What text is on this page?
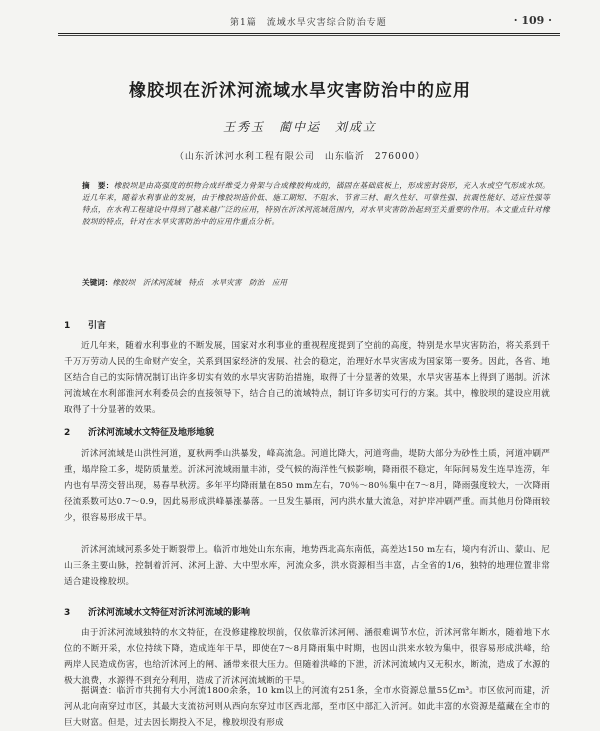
第1篇　流域水旱灾害综合防治专题	· 109 ·
橡胶坝在沂沭河流域水旱灾害防治中的应用
王秀玉　蔺中运　刘成立
（山东沂沭河水利工程有限公司　山东临沂　276000）

摘　要：橡胶坝是由高强度的织物合成纤维受力骨架与合成橡胶构成的，锚固在基础底板上，形成密封袋形，充入水或空气形成水坝。近几年来，随着水利事业的发展，由于橡胶坝造价低、施工期短、不阻水、节省三材、耐久性好、可靠性强、抗震性能好、适应性强等特点，在水利工程建设中得到了越来越广泛的应用，特别在沂沭河流域范围内，对水旱灾害防治起到至关重要的作用。本文重点针对橡胶坝的特点，针对在水旱灾害防治中的应用作重点分析。

关键词：橡胶坝　沂沭河流域　特点　水旱灾害　防治　应用

1 引言

近几年来，随着水利事业的不断发展，国家对水利事业的重视程度提到了空前的高度，特别是水旱灾害防治，将关系到千千万万劳动人民的生命财产安全，关系到国家经济的发展、社会的稳定，治理好水旱灾害成为国家第一要务。因此，各省、地区结合自己的实际情况制订出许多切实有效的水旱灾害防治措施，取得了十分显著的效果，水旱灾害基本上得到了遏制。沂沭河流域在水利部淮河水利委员会的直接领导下，结合自己的流域特点，制订许多切实可行的方案。其中，橡胶坝的建设应用就取得了十分显著的效果。

2 沂沭河流域水文特征及地形地貌

沂沭河流域是山洪性河道，夏秋两季山洪暴发，峰高流急。河道比降大，河道弯曲，堤防大部分为砂性土质，河道冲刷严重，塌岸险工多，堤防质量差。沂沭河流域雨量丰沛，受气候的海洋性气候影响，降雨很不稳定，年际间易发生连旱连涝，年内也有旱涝交替出现，易春旱秋涝。多年平均降雨量在850 mm左右，70％～80％集中在7～8月，降雨强度较大，一次降雨径流系数可达0.7～0.9，因此易形成洪峰暴涨暴落。一旦发生暴雨，河内洪水量大流急，对护岸冲刷严重。而其他月份降雨较少，很容易形成干旱。

沂沭河流域河系多处于断裂带上。临沂市地处山东东南，地势西北高东南低，高差达150 m左右，境内有沂山、蒙山、尼山三条主要山脉，控制着沂河、沭河上游、大中型水库，河流众多，洪水资源相当丰富，占全省的1/6，独特的地理位置非常适合建设橡胶坝。

3 沂沭河流域水文特征对沂沭河流域的影响

由于沂沭河流域独特的水文特征，在没修建橡胶坝前，仅依靠沂沭河闸、涵很难调节水位，沂沭河常年断水，随着地下水位的不断开采，水位持续下降，造成连年干旱，即使在7～8月降雨集中时期，也因山洪来水较为集中，很容易形成洪峰，给两岸人民造成伤害，也给沂沭河上的闸、涵带来很大压力。但随着洪峰的下泄，沂沭河流域内又无积水，断流，造成了水源的极大浪费，水源得不到充分利用，造成了沂沭河流域断的干旱。

据调查：临沂市共拥有大小河流1800余条，10 km以上的河流有251条，全市水资源总量55亿m³。市区依河而建，沂河从北向南穿过市区，其最大支流祊河则从西向东穿过市区西北部，至市区中部汇入沂河。如此丰富的水资源是蕴藏在全市的巨大财富。但是，过去因长期投入不足，橡胶坝没有形成
